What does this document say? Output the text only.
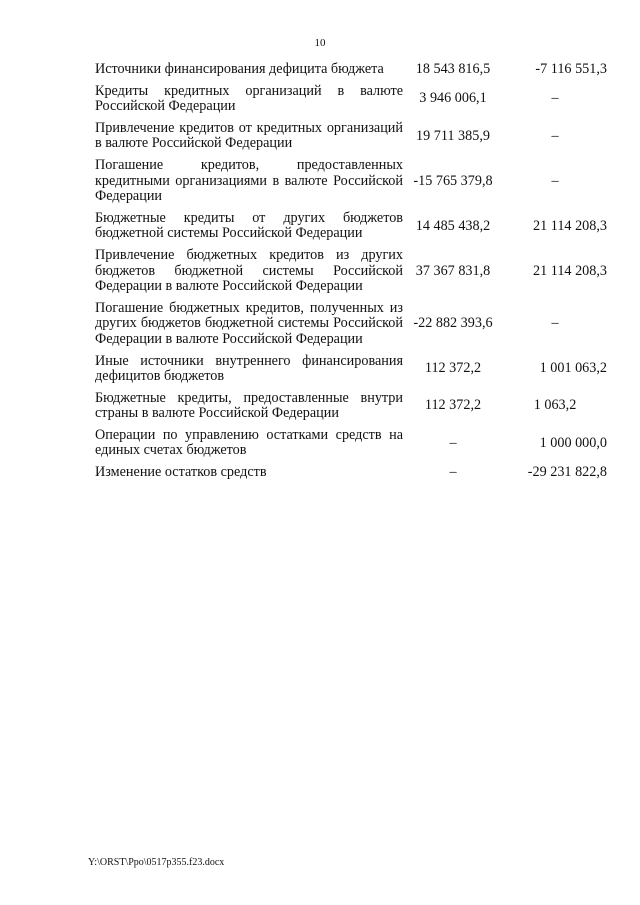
10
Источники финансирования дефицита бюджета	18 543 816,5	-7 116 551,3
Кредиты кредитных организаций в валюте Российской Федерации	3 946 006,1	–
Привлечение кредитов от кредитных организаций в валюте Российской Федерации	19 711 385,9	–
Погашение кредитов, предоставленных кредитными организациями в валюте Российской Федерации	-15 765 379,8	–
Бюджетные кредиты от других бюджетов бюджетной системы Российской Федерации	14 485 438,2	21 114 208,3
Привлечение бюджетных кредитов из других бюджетов бюджетной системы Российской Федерации в валюте Российской Федерации	37 367 831,8	21 114 208,3
Погашение бюджетных кредитов, полученных из других бюджетов бюджетной системы Российской Федерации в валюте Российской Федерации	-22 882 393,6	–
Иные источники внутреннего финансирования дефицитов бюджетов	112 372,2	1 001 063,2
Бюджетные кредиты, предоставленные внутри страны в валюте Российской Федерации	112 372,2	1 063,2
Операции по управлению остатками средств на единых счетах бюджетов	–	1 000 000,0
Изменение остатков средств	–	-29 231 822,8
Y:\ORST\Ppo\0517p355.f23.docx
